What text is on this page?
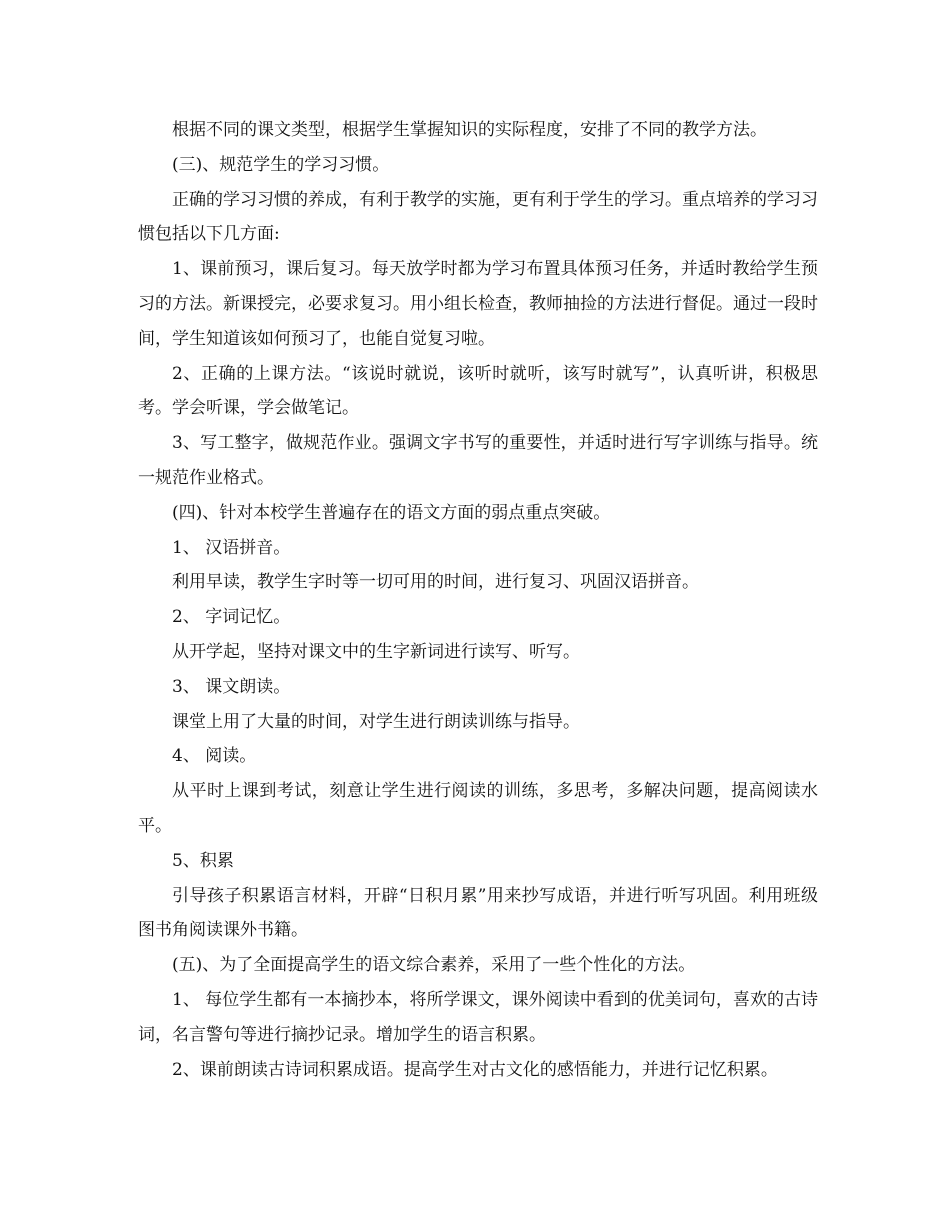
根据不同的课文类型，根据学生掌握知识的实际程度，安排了不同的教学方法。

(三)、规范学生的学习习惯。

正确的学习习惯的养成，有利于教学的实施，更有利于学生的学习。重点培养的学习习惯包括以下几方面:

1、课前预习，课后复习。每天放学时都为学习布置具体预习任务，并适时教给学生预习的方法。新课授完，必要求复习。用小组长检查，教师抽捡的方法进行督促。通过一段时间，学生知道该如何预习了，也能自觉复习啦。

2、正确的上课方法。“该说时就说，该听时就听，该写时就写”，认真听讲，积极思考。学会听课，学会做笔记。

3、写工整字，做规范作业。强调文字书写的重要性，并适时进行写字训练与指导。统一规范作业格式。

(四)、针对本校学生普遍存在的语文方面的弱点重点突破。

1、 汉语拼音。

利用早读，教学生字时等一切可用的时间，进行复习、巩固汉语拼音。

2、 字词记忆。

从开学起，坚持对课文中的生字新词进行读写、听写。

3、 课文朗读。

课堂上用了大量的时间，对学生进行朗读训练与指导。

4、 阅读。

从平时上课到考试，刻意让学生进行阅读的训练，多思考，多解决问题，提高阅读水平。

5、积累

引导孩子积累语言材料，开辟“日积月累”用来抄写成语，并进行听写巩固。利用班级图书角阅读课外书籍。

(五)、为了全面提高学生的语文综合素养，采用了一些个性化的方法。

1、 每位学生都有一本摘抄本，将所学课文，课外阅读中看到的优美词句，喜欢的古诗词，名言警句等进行摘抄记录。增加学生的语言积累。

2、课前朗读古诗词积累成语。提高学生对古文化的感悟能力，并进行记忆积累。
